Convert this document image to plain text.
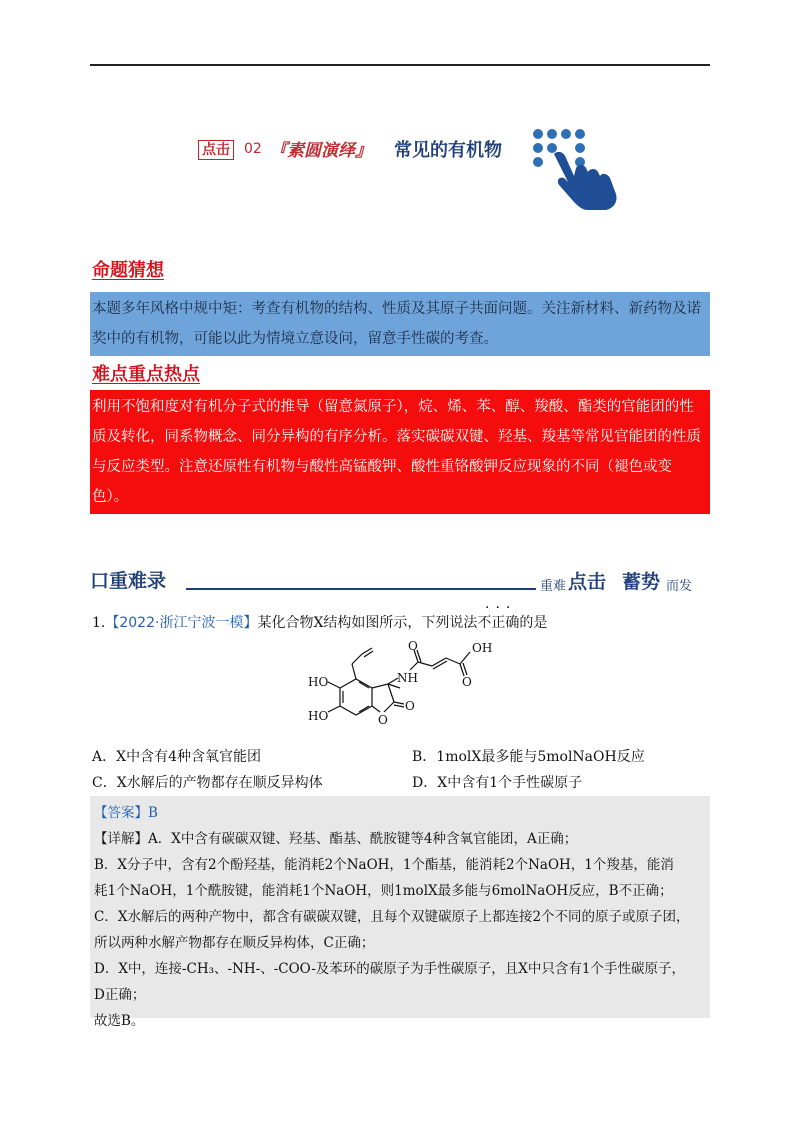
点击 02 『素圆演绎』 常见的有机物
命题猜想
本题多年风格中规中矩：考查有机物的结构、性质及其原子共面问题。关注新材料、新药物及诺奖中的有机物，可能以此为情境立意设问，留意手性碳的考查。
难点重点热点
利用不饱和度对有机分子式的推导（留意氮原子），烷、烯、苯、醇、羧酸、酯类的官能团的性质及转化，同系物概念、同分异构的有序分析。落实碳碳双键、羟基、羧基等常见官能团的性质与反应类型。注意还原性有机物与酸性高锰酸钾、酸性重铬酸钾反应现象的不同（褪色或变色）。
口重难录	重难 点击 蓄势 而发
1.【2022·浙江宁波一模】某化合物X结构如图所示，下列说法不正确的是
···
OH
O
O
NH
HO
HO	O
O
A．X中含有4种含氧官能团	B．1molX最多能与5molNaOH反应
C．X水解后的产物都存在顺反异构体	D．X中含有1个手性碳原子
【答案】B
【详解】A．X中含有碳碳双键、羟基、酯基、酰胺键等4种含氧官能团，A正确；
B．X分子中，含有2个酚羟基，能消耗2个NaOH，1个酯基，能消耗2个NaOH，1个羧基，能消
耗1个NaOH，1个酰胺键，能消耗1个NaOH，则1molX最多能与6molNaOH反应，B不正确；
C．X水解后的两种产物中，都含有碳碳双键，且每个双键碳原子上都连接2个不同的原子或原子团，
所以两种水解产物都存在顺反异构体，C正确；
D．X中，连接-CH₃、-NH-、-COO-及苯环的碳原子为手性碳原子，且X中只含有1个手性碳原子，
D正确；
故选B。
